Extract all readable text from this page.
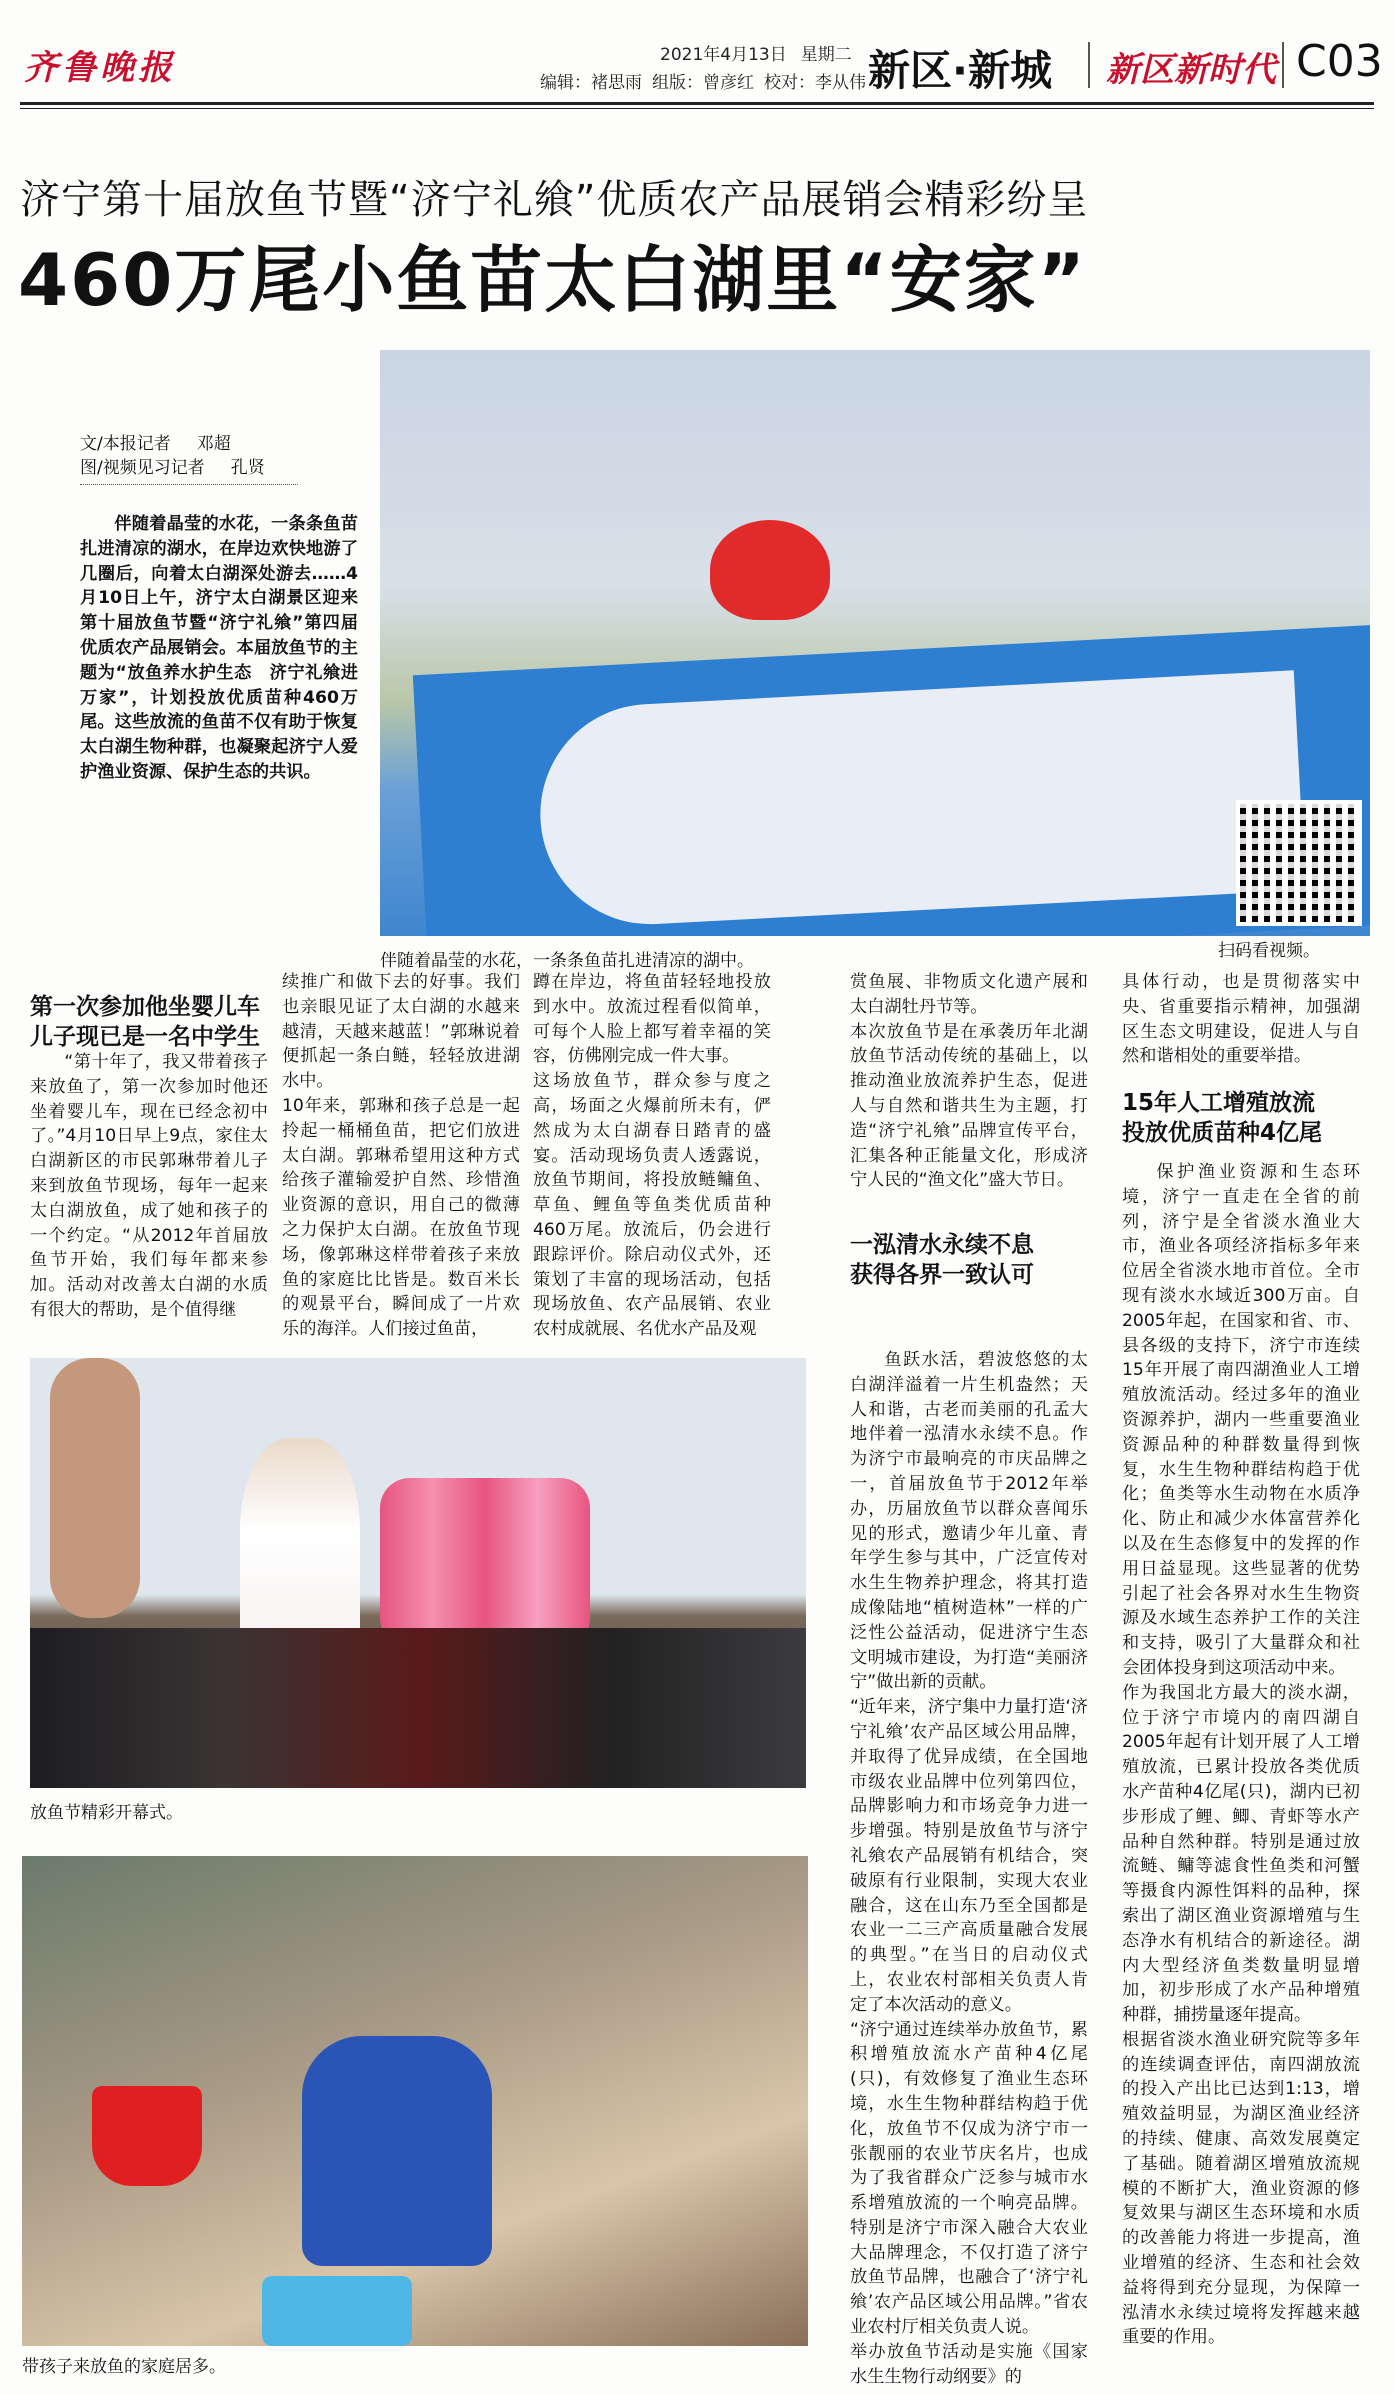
齐鲁晚报	2021年4月13日 星期二
编辑：褚思雨 组版：曾彦红 校对：李从伟 新区·新城 新区新时代 C03
济宁第十届放鱼节暨“济宁礼飨”优质农产品展销会精彩纷呈
460万尾小鱼苗太白湖里“安家”
扫码看视频。
伴随着晶莹的水花，一条条鱼苗扎进清凉的湖中。
文/本报记者 邓超
图/视频见习记者 孔贤

伴随着晶莹的水花，一条条鱼苗扎进清凉的湖水，在岸边欢快地游了几圈后，向着太白湖深处游去……4月10日上午，济宁太白湖景区迎来第十届放鱼节暨“济宁礼飨”第四届优质农产品展销会。本届放鱼节的主题为“放鱼养水护生态　济宁礼飨进万家”，计划投放优质苗种460万尾。这些放流的鱼苗不仅有助于恢复太白湖生物种群，也凝聚起济宁人爱护渔业资源、保护生态的共识。

第一次参加他坐婴儿车
儿子现已是一名中学生
一泓清水永续不息
获得各界一致认可
15年人工增殖放流
投放优质苗种4亿尾

“第十年了，我又带着孩子来放鱼了，第一次参加时他还坐着婴儿车，现在已经念初中了。”4月10日早上9点，家住太白湖新区的市民郭琳带着儿子来到放鱼节现场，每年一起来太白湖放鱼，成了她和孩子的一个约定。“从2012年首届放鱼节开始，我们每年都来参加。活动对改善太白湖的水质有很大的帮助，是个值得继

续推广和做下去的好事。我们也亲眼见证了太白湖的水越来越清，天越来越蓝！”郭琳说着便抓起一条白鲢，轻轻放进湖水中。
10年来，郭琳和孩子总是一起拎起一桶桶鱼苗，把它们放进太白湖。郭琳希望用这种方式给孩子灌输爱护自然、珍惜渔业资源的意识，用自己的微薄之力保护太白湖。在放鱼节现场，像郭琳这样带着孩子来放鱼的家庭比比皆是。数百米长的观景平台，瞬间成了一片欢乐的海洋。人们接过鱼苗，

蹲在岸边，将鱼苗轻轻地投放到水中。放流过程看似简单，可每个人脸上都写着幸福的笑容，仿佛刚完成一件大事。
这场放鱼节，群众参与度之高，场面之火爆前所未有，俨然成为太白湖春日踏青的盛宴。活动现场负责人透露说，放鱼节期间，将投放鲢鳙鱼、草鱼、鲤鱼等鱼类优质苗种460万尾。放流后，仍会进行跟踪评价。除启动仪式外，还策划了丰富的现场活动，包括现场放鱼、农产品展销、农业农村成就展、名优水产品及观

赏鱼展、非物质文化遗产展和太白湖牡丹节等。
本次放鱼节是在承袭历年北湖放鱼节活动传统的基础上，以推动渔业放流养护生态，促进人与自然和谐共生为主题，打造“济宁礼飨”品牌宣传平台，汇集各种正能量文化，形成济宁人民的“渔文化”盛大节日。

鱼跃水活，碧波悠悠的太白湖洋溢着一片生机盎然；天人和谐，古老而美丽的孔孟大地伴着一泓清水永续不息。作为济宁市最响亮的市庆品牌之一，首届放鱼节于2012年举办，历届放鱼节以群众喜闻乐见的形式，邀请少年儿童、青年学生参与其中，广泛宣传对水生生物养护理念，将其打造成像陆地“植树造林”一样的广泛性公益活动，促进济宁生态文明城市建设，为打造“美丽济宁”做出新的贡献。
“近年来，济宁集中力量打造‘济宁礼飨’农产品区域公用品牌，并取得了优异成绩，在全国地市级农业品牌中位列第四位，品牌影响力和市场竞争力进一步增强。特别是放鱼节与济宁礼飨农产品展销有机结合，突破原有行业限制，实现大农业融合，这在山东乃至全国都是农业一二三产高质量融合发展的典型。”在当日的启动仪式上，农业农村部相关负责人肯定了本次活动的意义。
“济宁通过连续举办放鱼节，累积增殖放流水产苗种4亿尾(只)，有效修复了渔业生态环境，水生生物种群结构趋于优化，放鱼节不仅成为济宁市一张靓丽的农业节庆名片，也成为了我省群众广泛参与城市水系增殖放流的一个响亮品牌。特别是济宁市深入融合大农业大品牌理念，不仅打造了济宁放鱼节品牌，也融合了‘济宁礼飨’农产品区域公用品牌。”省农业农村厅相关负责人说。
举办放鱼节活动是实施《国家水生生物行动纲要》的

具体行动，也是贯彻落实中央、省重要指示精神，加强湖区生态文明建设，促进人与自然和谐相处的重要举措。

保护渔业资源和生态环境，济宁一直走在全省的前列，济宁是全省淡水渔业大市，渔业各项经济指标多年来位居全省淡水地市首位。全市现有淡水水域近300万亩。自2005年起，在国家和省、市、县各级的支持下，济宁市连续15年开展了南四湖渔业人工增殖放流活动。经过多年的渔业资源养护，湖内一些重要渔业资源品种的种群数量得到恢复，水生生物种群结构趋于优化；鱼类等水生动物在水质净化、防止和减少水体富营养化以及在生态修复中的发挥的作用日益显现。这些显著的优势引起了社会各界对水生生物资源及水域生态养护工作的关注和支持，吸引了大量群众和社会团体投身到这项活动中来。
作为我国北方最大的淡水湖，位于济宁市境内的南四湖自2005年起有计划开展了人工增殖放流，已累计投放各类优质水产苗种4亿尾(只)，湖内已初步形成了鲤、鲫、青虾等水产品种自然种群。特别是通过放流鲢、鳙等滤食性鱼类和河蟹等摄食内源性饵料的品种，探索出了湖区渔业资源增殖与生态净水有机结合的新途径。湖内大型经济鱼类数量明显增加，初步形成了水产品种增殖种群，捕捞量逐年提高。
根据省淡水渔业研究院等多年的连续调查评估，南四湖放流的投入产出比已达到1:13，增殖效益明显，为湖区渔业经济的持续、健康、高效发展奠定了基础。随着湖区增殖放流规模的不断扩大，渔业资源的修复效果与湖区生态环境和水质的改善能力将进一步提高，渔业增殖的经济、生态和社会效益将得到充分显现，为保障一泓清水永续过境将发挥越来越重要的作用。

放鱼节精彩开幕式。
带孩子来放鱼的家庭居多。
